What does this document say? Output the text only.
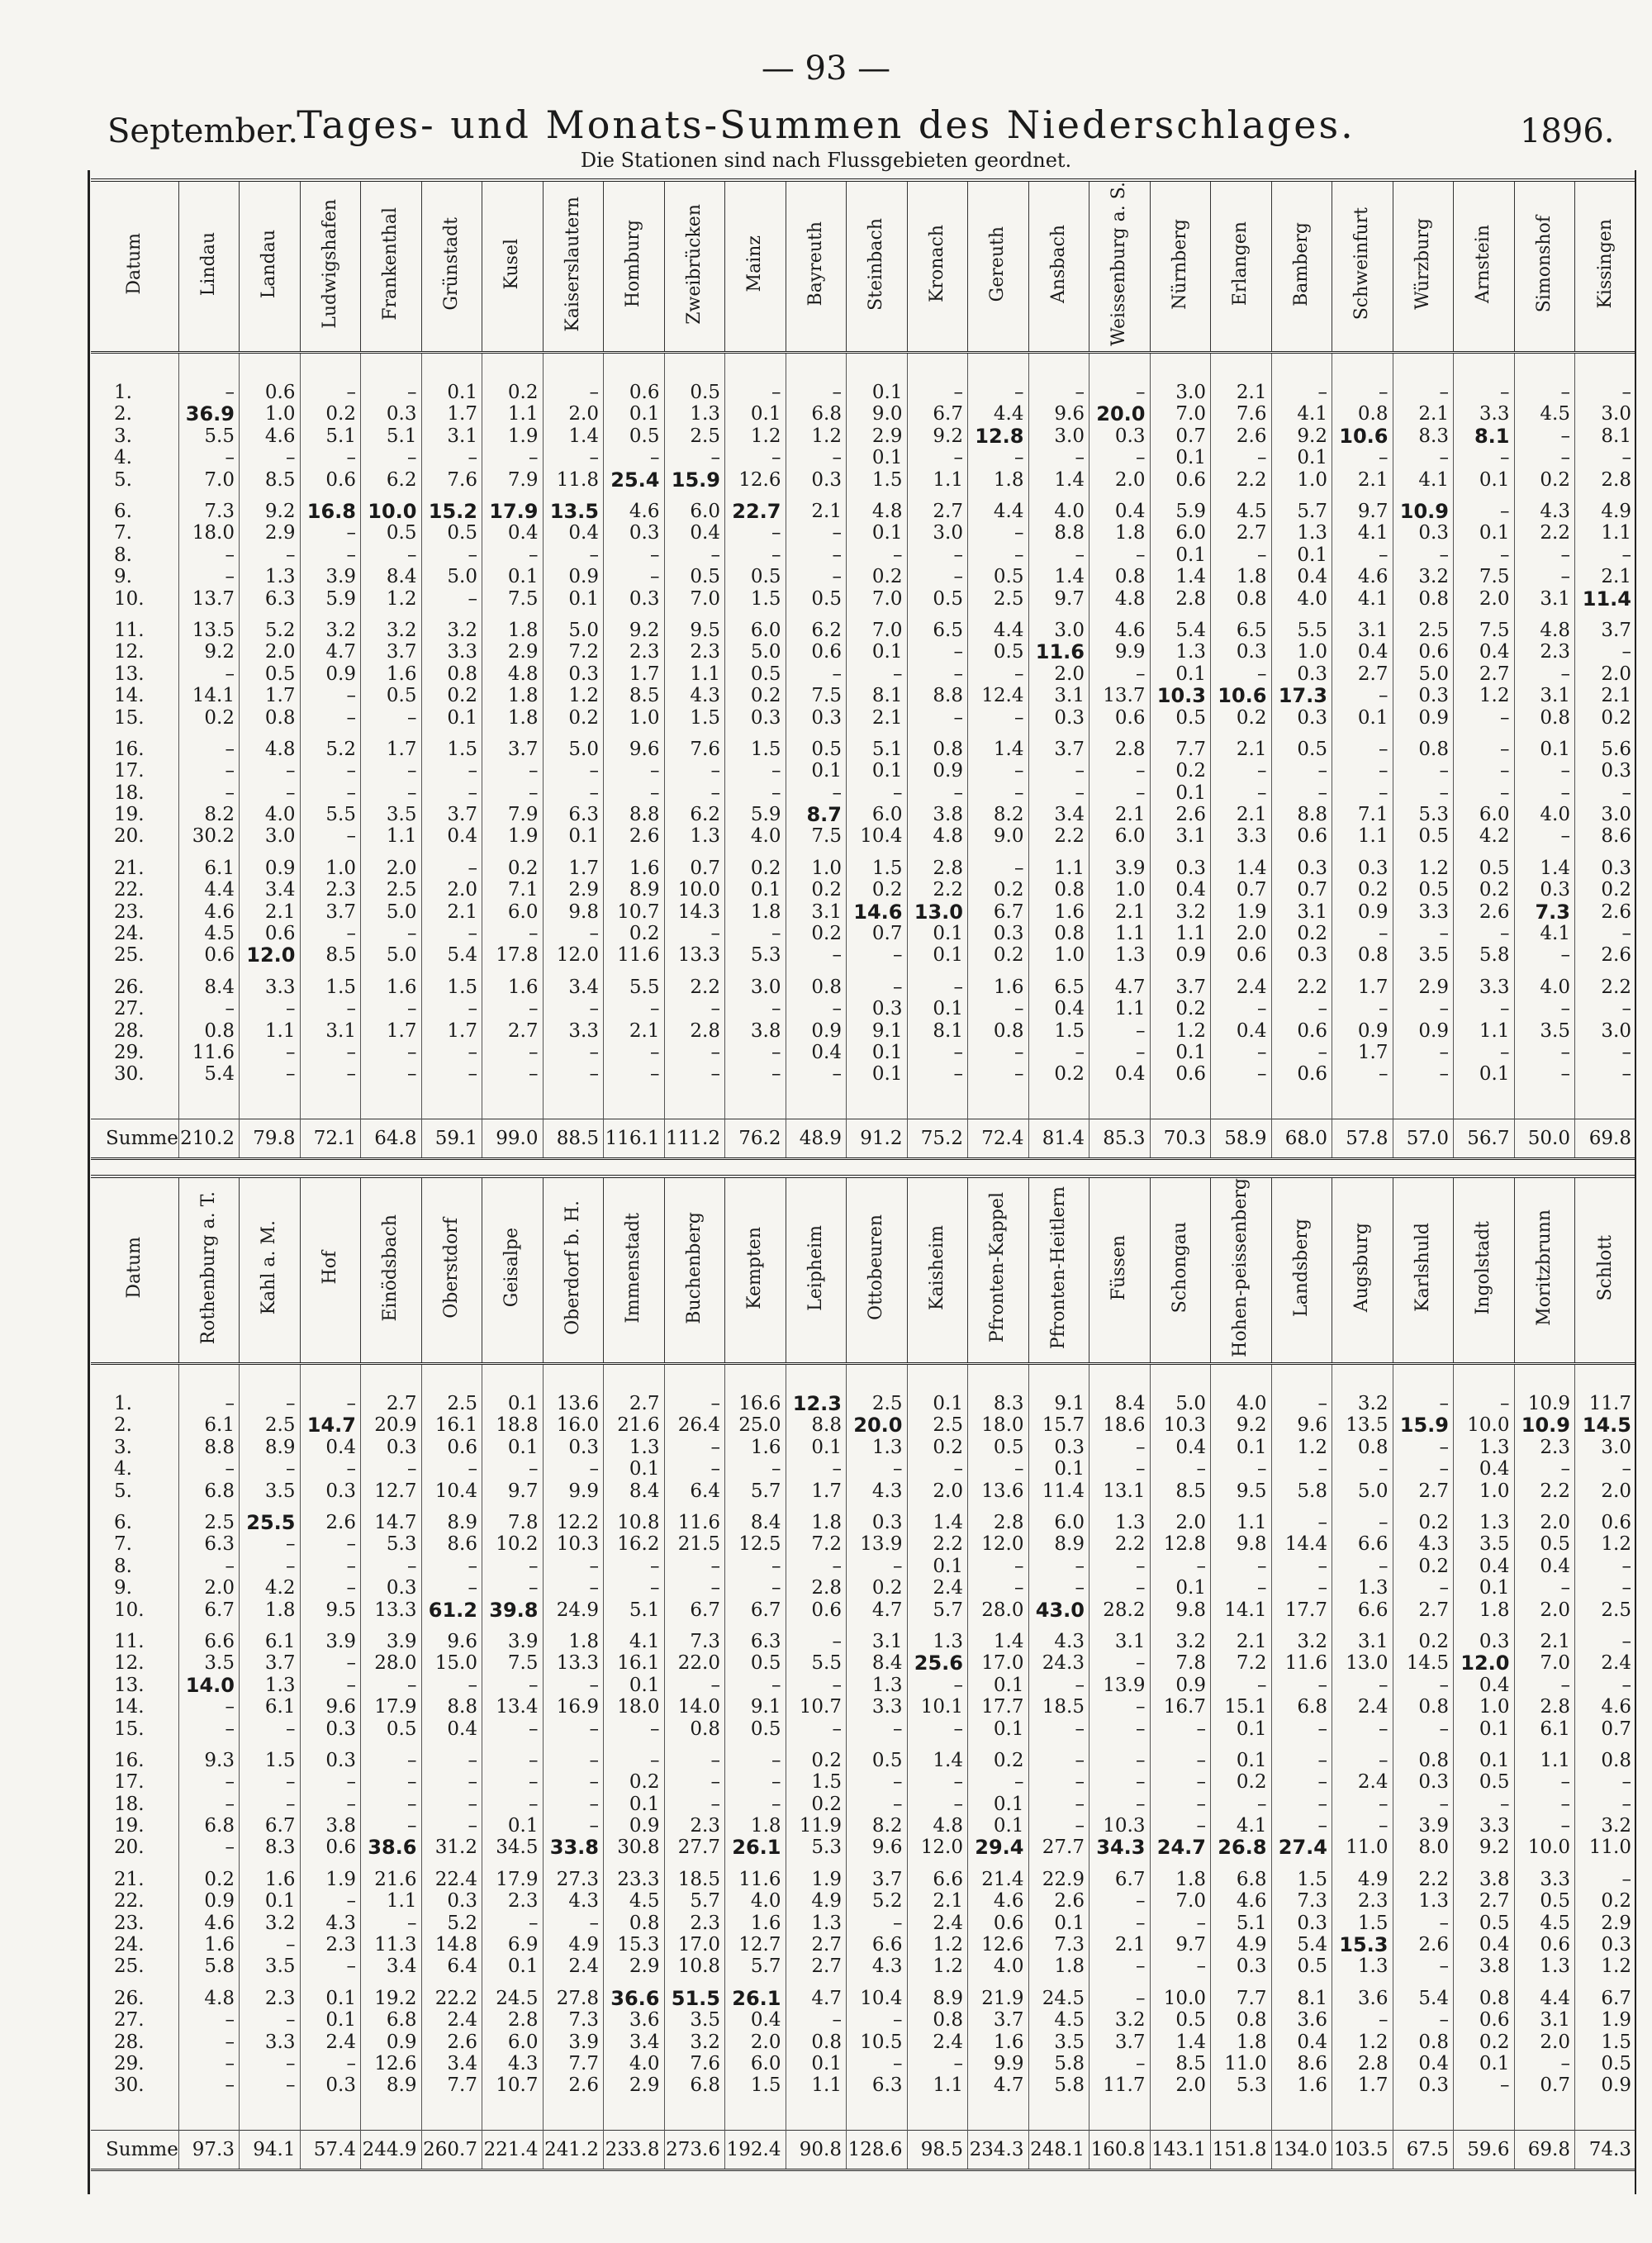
— 93 —
September.
Tages- und Monats-Summen des Niederschlages.	1896.
Die Stationen sind nach Flussgebieten geordnet.
Datum	Lindau	Landau	Ludwigshafen	Frankenthal	Grünstadt	Kusel	Kaiserslautern	Homburg	Zweibrücken	Mainz	Bayreuth	Steinbach	Kronach	Gereuth	Ansbach	Weissenburg a. S.	Nürnberg	Erlangen	Bamberg	Schweinfurt	Würzburg	Arnstein	Simonshof	Kissingen
1.	–	0.6	–	–	0.1	0.2	–	0.6	0.5	–	–	0.1	–	–	–	–	3.0	2.1	–	–	–	–	–	–
2.	36.9	1.0	0.2	0.3	1.7	1.1	2.0	0.1	1.3	0.1	6.8	9.0	6.7	4.4	9.6	20.0	7.0	7.6	4.1	0.8	2.1	3.3	4.5	3.0
3.	5.5	4.6	5.1	5.1	3.1	1.9	1.4	0.5	2.5	1.2	1.2	2.9	9.2	12.8	3.0	0.3	0.7	2.6	9.2	10.6	8.3	8.1	–	8.1
4.	–	–	–	–	–	–	–	–	–	–	–	0.1	–	–	–	–	0.1	–	0.1	–	–	–	–	–
5.	7.0	8.5	0.6	6.2	7.6	7.9	11.8	25.4	15.9	12.6	0.3	1.5	1.1	1.8	1.4	2.0	0.6	2.2	1.0	2.1	4.1	0.1	0.2	2.8
6.	7.3	9.2	16.8	10.0	15.2	17.9	13.5	4.6	6.0	22.7	2.1	4.8	2.7	4.4	4.0	0.4	5.9	4.5	5.7	9.7	10.9	–	4.3	4.9
7.	18.0	2.9	–	0.5	0.5	0.4	0.4	0.3	0.4	–	–	0.1	3.0	–	8.8	1.8	6.0	2.7	1.3	4.1	0.3	0.1	2.2	1.1
8.	–	–	–	–	–	–	–	–	–	–	–	–	–	–	–	–	0.1	–	0.1	–	–	–	–	–
9.	–	1.3	3.9	8.4	5.0	0.1	0.9	–	0.5	0.5	–	0.2	–	0.5	1.4	0.8	1.4	1.8	0.4	4.6	3.2	7.5	–	2.1
10.	13.7	6.3	5.9	1.2	–	7.5	0.1	0.3	7.0	1.5	0.5	7.0	0.5	2.5	9.7	4.8	2.8	0.8	4.0	4.1	0.8	2.0	3.1	11.4
11.	13.5	5.2	3.2	3.2	3.2	1.8	5.0	9.2	9.5	6.0	6.2	7.0	6.5	4.4	3.0	4.6	5.4	6.5	5.5	3.1	2.5	7.5	4.8	3.7
12.	9.2	2.0	4.7	3.7	3.3	2.9	7.2	2.3	2.3	5.0	0.6	0.1	–	0.5	11.6	9.9	1.3	0.3	1.0	0.4	0.6	0.4	2.3	–
13.	–	0.5	0.9	1.6	0.8	4.8	0.3	1.7	1.1	0.5	–	–	–	–	2.0	–	0.1	–	0.3	2.7	5.0	2.7	–	2.0
14.	14.1	1.7	–	0.5	0.2	1.8	1.2	8.5	4.3	0.2	7.5	8.1	8.8	12.4	3.1	13.7	10.3	10.6	17.3	–	0.3	1.2	3.1	2.1
15.	0.2	0.8	–	–	0.1	1.8	0.2	1.0	1.5	0.3	0.3	2.1	–	–	0.3	0.6	0.5	0.2	0.3	0.1	0.9	–	0.8	0.2
16.	–	4.8	5.2	1.7	1.5	3.7	5.0	9.6	7.6	1.5	0.5	5.1	0.8	1.4	3.7	2.8	7.7	2.1	0.5	–	0.8	–	0.1	5.6
17.	–	–	–	–	–	–	–	–	–	–	0.1	0.1	0.9	–	–	–	0.2	–	–	–	–	–	–	0.3
18.	–	–	–	–	–	–	–	–	–	–	–	–	–	–	–	–	0.1	–	–	–	–	–	–	–
19.	8.2	4.0	5.5	3.5	3.7	7.9	6.3	8.8	6.2	5.9	8.7	6.0	3.8	8.2	3.4	2.1	2.6	2.1	8.8	7.1	5.3	6.0	4.0	3.0
20.	30.2	3.0	–	1.1	0.4	1.9	0.1	2.6	1.3	4.0	7.5	10.4	4.8	9.0	2.2	6.0	3.1	3.3	0.6	1.1	0.5	4.2	–	8.6
21.	6.1	0.9	1.0	2.0	–	0.2	1.7	1.6	0.7	0.2	1.0	1.5	2.8	–	1.1	3.9	0.3	1.4	0.3	0.3	1.2	0.5	1.4	0.3
22.	4.4	3.4	2.3	2.5	2.0	7.1	2.9	8.9	10.0	0.1	0.2	0.2	2.2	0.2	0.8	1.0	0.4	0.7	0.7	0.2	0.5	0.2	0.3	0.2
23.	4.6	2.1	3.7	5.0	2.1	6.0	9.8	10.7	14.3	1.8	3.1	14.6	13.0	6.7	1.6	2.1	3.2	1.9	3.1	0.9	3.3	2.6	7.3	2.6
24.	4.5	0.6	–	–	–	–	–	0.2	–	–	0.2	0.7	0.1	0.3	0.8	1.1	1.1	2.0	0.2	–	–	–	4.1	–
25.	0.6	12.0	8.5	5.0	5.4	17.8	12.0	11.6	13.3	5.3	–	–	0.1	0.2	1.0	1.3	0.9	0.6	0.3	0.8	3.5	5.8	–	2.6
26.	8.4	3.3	1.5	1.6	1.5	1.6	3.4	5.5	2.2	3.0	0.8	–	–	1.6	6.5	4.7	3.7	2.4	2.2	1.7	2.9	3.3	4.0	2.2
27.	–	–	–	–	–	–	–	–	–	–	–	0.3	0.1	–	0.4	1.1	0.2	–	–	–	–	–	–	–
28.	0.8	1.1	3.1	1.7	1.7	2.7	3.3	2.1	2.8	3.8	0.9	9.1	8.1	0.8	1.5	–	1.2	0.4	0.6	0.9	0.9	1.1	3.5	3.0
29.	11.6	–	–	–	–	–	–	–	–	–	0.4	0.1	–	–	–	–	0.1	–	–	1.7	–	–	–	–
30.	5.4	–	–	–	–	–	–	–	–	–	–	0.1	–	–	0.2	0.4	0.6	–	0.6	–	–	0.1	–	–
Summe	210.2	79.8	72.1	64.8	59.1	99.0	88.5	116.1	111.2	76.2	48.9	91.2	75.2	72.4	81.4	85.3	70.3	58.9	68.0	57.8	57.0	56.7	50.0	69.8
Datum	Rothenburg a. T.	Kahl a. M.	Hof	Einödsbach	Oberstdorf	Geisalpe	Oberdorf b. H.	Immenstadt	Buchenberg	Kempten	Leipheim	Ottobeuren	Kaisheim	Pfronten-Kappel	Pfronten-Heitlern	Füssen	Schongau	Hohen-peissenberg	Landsberg	Augsburg	Karlshuld	Ingolstadt	Moritzbrunn	Schlott
1.	–	–	–	2.7	2.5	0.1	13.6	2.7	–	16.6	12.3	2.5	0.1	8.3	9.1	8.4	5.0	4.0	–	3.2	–	–	10.9	11.7
2.	6.1	2.5	14.7	20.9	16.1	18.8	16.0	21.6	26.4	25.0	8.8	20.0	2.5	18.0	15.7	18.6	10.3	9.2	9.6	13.5	15.9	10.0	10.9	14.5
3.	8.8	8.9	0.4	0.3	0.6	0.1	0.3	1.3	–	1.6	0.1	1.3	0.2	0.5	0.3	–	0.4	0.1	1.2	0.8	–	1.3	2.3	3.0
4.	–	–	–	–	–	–	–	0.1	–	–	–	–	–	–	0.1	–	–	–	–	–	–	0.4	–	–
5.	6.8	3.5	0.3	12.7	10.4	9.7	9.9	8.4	6.4	5.7	1.7	4.3	2.0	13.6	11.4	13.1	8.5	9.5	5.8	5.0	2.7	1.0	2.2	2.0
6.	2.5	25.5	2.6	14.7	8.9	7.8	12.2	10.8	11.6	8.4	1.8	0.3	1.4	2.8	6.0	1.3	2.0	1.1	–	–	0.2	1.3	2.0	0.6
7.	6.3	–	–	5.3	8.6	10.2	10.3	16.2	21.5	12.5	7.2	13.9	2.2	12.0	8.9	2.2	12.8	9.8	14.4	6.6	4.3	3.5	0.5	1.2
8.	–	–	–	–	–	–	–	–	–	–	–	–	0.1	–	–	–	–	–	–	–	0.2	0.4	0.4	–
9.	2.0	4.2	–	0.3	–	–	–	–	–	–	2.8	0.2	2.4	–	–	–	0.1	–	–	1.3	–	0.1	–	–
10.	6.7	1.8	9.5	13.3	61.2	39.8	24.9	5.1	6.7	6.7	0.6	4.7	5.7	28.0	43.0	28.2	9.8	14.1	17.7	6.6	2.7	1.8	2.0	2.5
11.	6.6	6.1	3.9	3.9	9.6	3.9	1.8	4.1	7.3	6.3	–	3.1	1.3	1.4	4.3	3.1	3.2	2.1	3.2	3.1	0.2	0.3	2.1	–
12.	3.5	3.7	–	28.0	15.0	7.5	13.3	16.1	22.0	0.5	5.5	8.4	25.6	17.0	24.3	–	7.8	7.2	11.6	13.0	14.5	12.0	7.0	2.4
13.	14.0	1.3	–	–	–	–	–	0.1	–	–	–	1.3	–	0.1	–	13.9	0.9	–	–	–	–	0.4	–	–
14.	–	6.1	9.6	17.9	8.8	13.4	16.9	18.0	14.0	9.1	10.7	3.3	10.1	17.7	18.5	–	16.7	15.1	6.8	2.4	0.8	1.0	2.8	4.6
15.	–	–	0.3	0.5	0.4	–	–	–	0.8	0.5	–	–	–	0.1	–	–	–	0.1	–	–	–	0.1	6.1	0.7
16.	9.3	1.5	0.3	–	–	–	–	–	–	–	0.2	0.5	1.4	0.2	–	–	–	0.1	–	–	0.8	0.1	1.1	0.8
17.	–	–	–	–	–	–	–	0.2	–	–	1.5	–	–	–	–	–	–	0.2	–	2.4	0.3	0.5	–	–
18.	–	–	–	–	–	–	–	0.1	–	–	0.2	–	–	0.1	–	–	–	–	–	–	–	–	–	–
19.	6.8	6.7	3.8	–	–	0.1	–	0.9	2.3	1.8	11.9	8.2	4.8	0.1	–	10.3	–	4.1	–	–	3.9	3.3	–	3.2
20.	–	8.3	0.6	38.6	31.2	34.5	33.8	30.8	27.7	26.1	5.3	9.6	12.0	29.4	27.7	34.3	24.7	26.8	27.4	11.0	8.0	9.2	10.0	11.0
21.	0.2	1.6	1.9	21.6	22.4	17.9	27.3	23.3	18.5	11.6	1.9	3.7	6.6	21.4	22.9	6.7	1.8	6.8	1.5	4.9	2.2	3.8	3.3	–
22.	0.9	0.1	–	1.1	0.3	2.3	4.3	4.5	5.7	4.0	4.9	5.2	2.1	4.6	2.6	–	7.0	4.6	7.3	2.3	1.3	2.7	0.5	0.2
23.	4.6	3.2	4.3	–	5.2	–	–	0.8	2.3	1.6	1.3	–	2.4	0.6	0.1	–	–	5.1	0.3	1.5	–	0.5	4.5	2.9
24.	1.6	–	2.3	11.3	14.8	6.9	4.9	15.3	17.0	12.7	2.7	6.6	1.2	12.6	7.3	2.1	9.7	4.9	5.4	15.3	2.6	0.4	0.6	0.3
25.	5.8	3.5	–	3.4	6.4	0.1	2.4	2.9	10.8	5.7	2.7	4.3	1.2	4.0	1.8	–	–	0.3	0.5	1.3	–	3.8	1.3	1.2
26.	4.8	2.3	0.1	19.2	22.2	24.5	27.8	36.6	51.5	26.1	4.7	10.4	8.9	21.9	24.5	–	10.0	7.7	8.1	3.6	5.4	0.8	4.4	6.7
27.	–	–	0.1	6.8	2.4	2.8	7.3	3.6	3.5	0.4	–	–	0.8	3.7	4.5	3.2	0.5	0.8	3.6	–	–	0.6	3.1	1.9
28.	–	3.3	2.4	0.9	2.6	6.0	3.9	3.4	3.2	2.0	0.8	10.5	2.4	1.6	3.5	3.7	1.4	1.8	0.4	1.2	0.8	0.2	2.0	1.5
29.	–	–	–	12.6	3.4	4.3	7.7	4.0	7.6	6.0	0.1	–	–	9.9	5.8	–	8.5	11.0	8.6	2.8	0.4	0.1	–	0.5
30.	–	–	0.3	8.9	7.7	10.7	2.6	2.9	6.8	1.5	1.1	6.3	1.1	4.7	5.8	11.7	2.0	5.3	1.6	1.7	0.3	–	0.7	0.9
Summe	97.3	94.1	57.4	244.9	260.7	221.4	241.2	233.8	273.6	192.4	90.8	128.6	98.5	234.3	248.1	160.8	143.1	151.8	134.0	103.5	67.5	59.6	69.8	74.3
